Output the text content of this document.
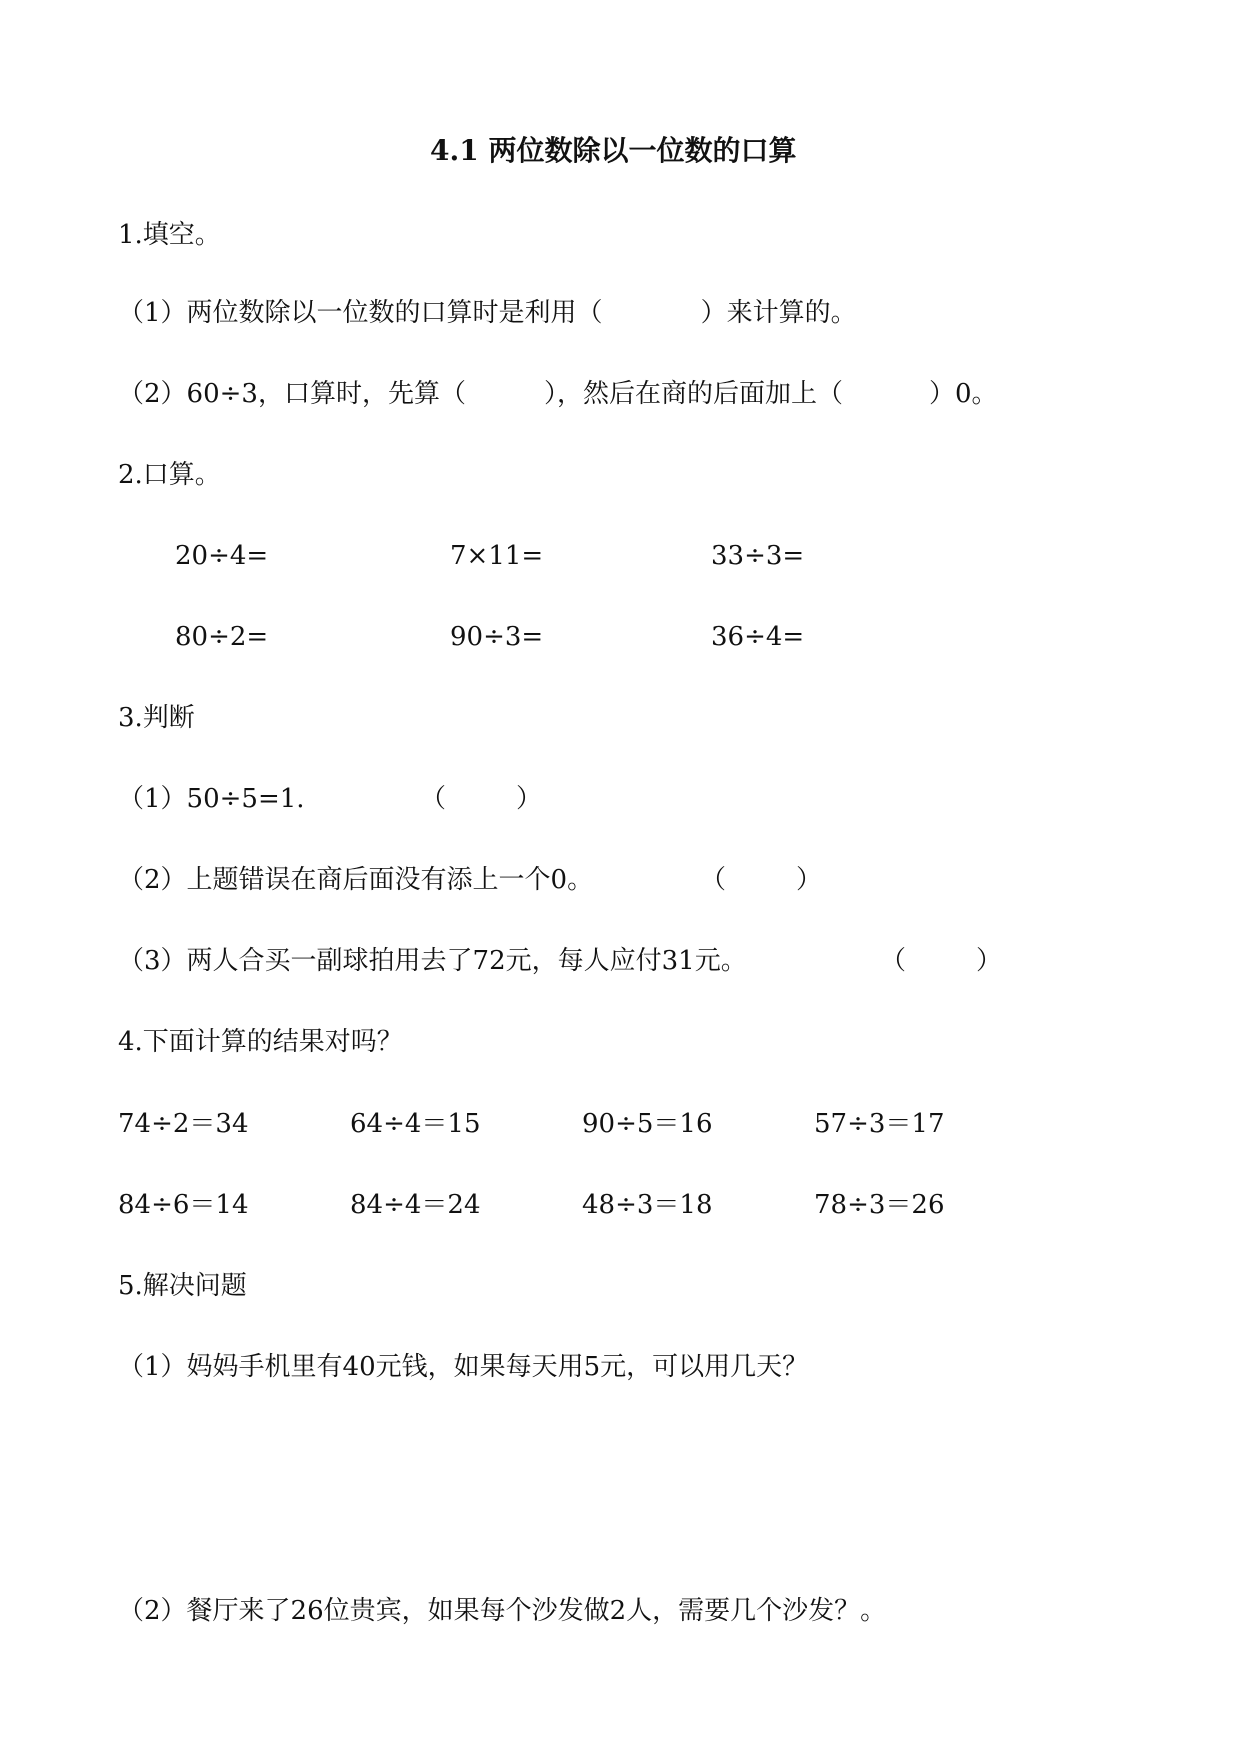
4.1 两位数除以一位数的口算
1.填空。
（1）两位数除以一位数的口算时是利用（	）来计算的。
（2）60÷3，口算时，先算（	），然后在商的后面加上（	）0。
2.口算。
20÷4=	7×11=	33÷3=
80÷2=	90÷3=	36÷4=
3.判断
（1）50÷5=1.	（	）
（2）上题错误在商后面没有添上一个0。	（	）
（3）两人合买一副球拍用去了72元，每人应付31元。	（	）
4.下面计算的结果对吗？
74÷2＝34	64÷4＝15	90÷5＝16	57÷3＝17
84÷6＝14	84÷4＝24	48÷3＝18	78÷3＝26
5.解决问题
（1）妈妈手机里有40元钱，如果每天用5元，可以用几天？
（2）餐厅来了26位贵宾，如果每个沙发做2人，需要几个沙发？。
